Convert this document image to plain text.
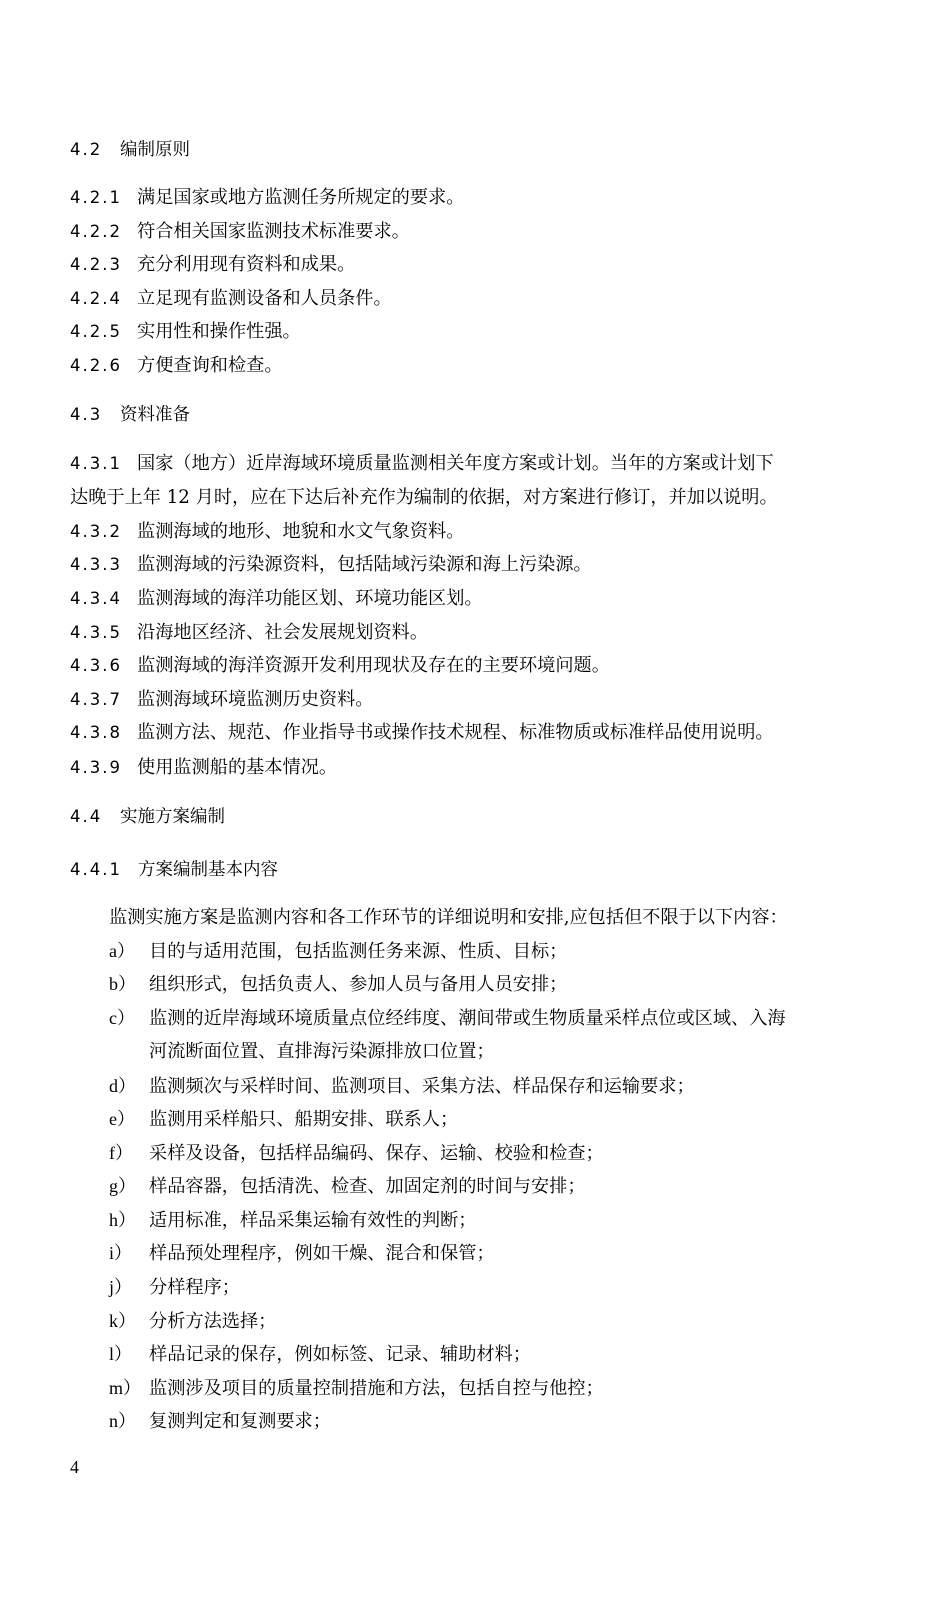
4.2 编制原则
4.2.1 满足国家或地方监测任务所规定的要求。
4.2.2 符合相关国家监测技术标准要求。
4.2.3 充分利用现有资料和成果。
4.2.4 立足现有监测设备和人员条件。
4.2.5 实用性和操作性强。
4.2.6 方便查询和检查。
4.3 资料准备
4.3.1 国家（地方）近岸海域环境质量监测相关年度方案或计划。当年的方案或计划下
达晚于上年 12 月时，应在下达后补充作为编制的依据，对方案进行修订，并加以说明。
4.3.2 监测海域的地形、地貌和水文气象资料。
4.3.3 监测海域的污染源资料，包括陆域污染源和海上污染源。
4.3.4 监测海域的海洋功能区划、环境功能区划。
4.3.5 沿海地区经济、社会发展规划资料。
4.3.6 监测海域的海洋资源开发利用现状及存在的主要环境问题。
4.3.7 监测海域环境监测历史资料。
4.3.8 监测方法、规范、作业指导书或操作技术规程、标准物质或标准样品使用说明。
4.3.9 使用监测船的基本情况。
4.4 实施方案编制
4.4.1 方案编制基本内容
监测实施方案是监测内容和各工作环节的详细说明和安排,应包括但不限于以下内容：
a） 目的与适用范围，包括监测任务来源、性质、目标；
b） 组织形式，包括负责人、参加人员与备用人员安排；
c） 监测的近岸海域环境质量点位经纬度、潮间带或生物质量采样点位或区域、入海
河流断面位置、直排海污染源排放口位置；
d） 监测频次与采样时间、监测项目、采集方法、样品保存和运输要求；
e） 监测用采样船只、船期安排、联系人；
f） 采样及设备，包括样品编码、保存、运输、校验和检查；
g） 样品容器，包括清洗、检查、加固定剂的时间与安排；
h） 适用标准，样品采集运输有效性的判断；
i） 样品预处理程序，例如干燥、混合和保管；
j） 分样程序；
k） 分析方法选择；
l） 样品记录的保存，例如标签、记录、辅助材料；
m） 监测涉及项目的质量控制措施和方法，包括自控与他控；
n） 复测判定和复测要求；
4
